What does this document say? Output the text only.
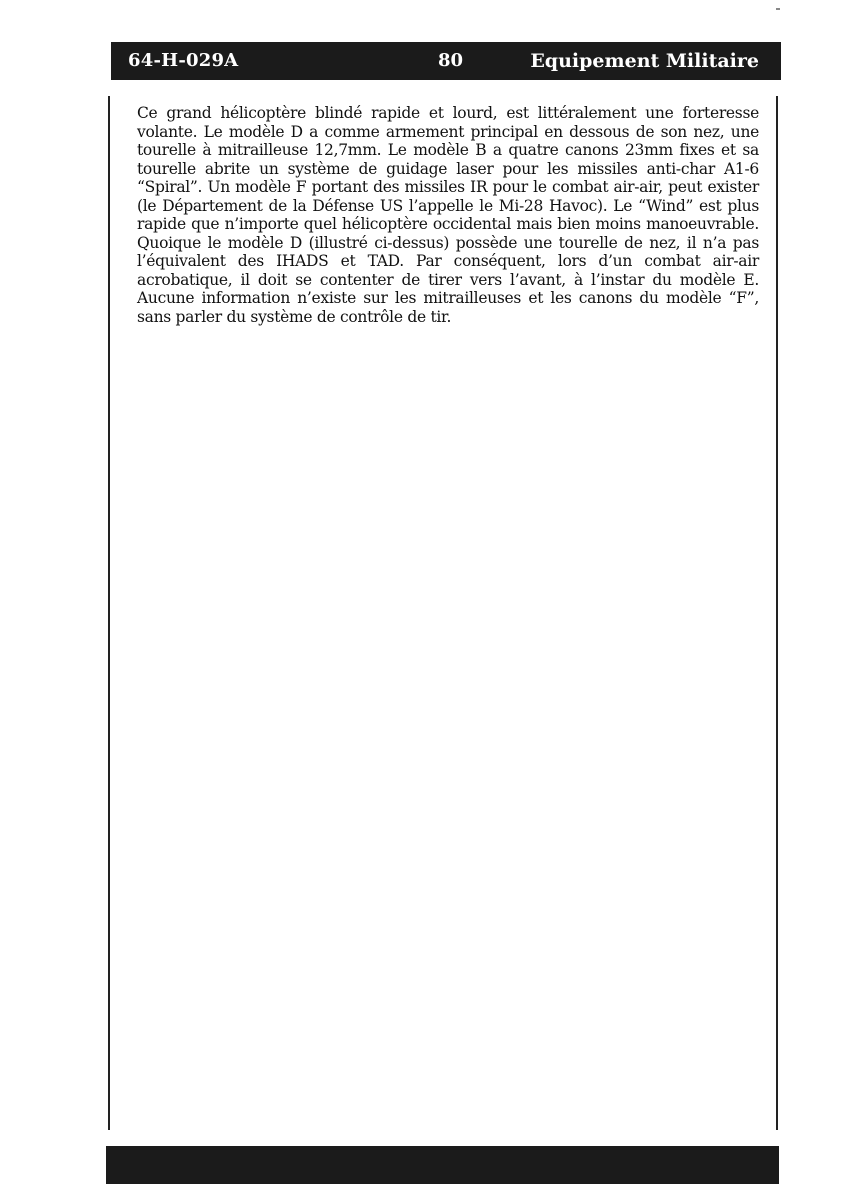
64-H-029A	80	Equipement Militaire

Ce grand hélicoptère blindé rapide et lourd, est littéralement une forteresse volante. Le modèle D a comme armement principal en dessous de son nez, une tourelle à mitrailleuse 12,7mm. Le modèle B a quatre canons 23mm fixes et sa tourelle abrite un système de guidage laser pour les missiles anti-char A1-6 “Spiral”. Un modèle F portant des missiles IR pour le combat air-air, peut exister (le Département de la Défense US l’appelle le Mi-28 Havoc). Le “Wind” est plus rapide que n’importe quel hélicoptère occidental mais bien moins manoeuvrable. Quoique le modèle D (illustré ci-dessus) possède une tourelle de nez, il n’a pas l’équivalent des IHADS et TAD. Par conséquent, lors d’un combat air-air acrobatique, il doit se contenter de tirer vers l’avant, à l’instar du modèle E. Aucune information n’existe sur les mitrailleuses et les canons du modèle “F”, sans parler du système de contrôle de tir.
